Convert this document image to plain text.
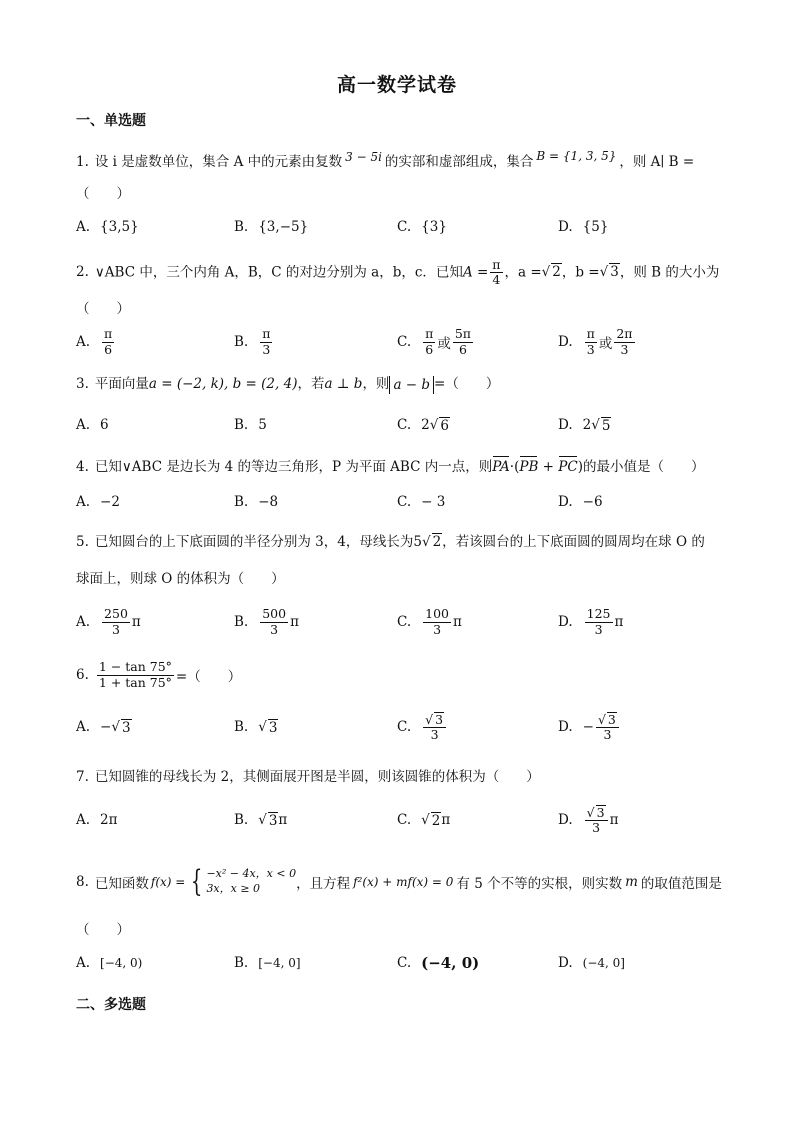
高一数学试卷
一、单选题
1. 设 i 是虚数单位，集合 A 中的元素由复数 3 − 5i 的实部和虚部组成，集合 B = {1, 3, 5} ，则 A∣ B =
（　　）
A. {3,5}	B. {3,−5}	C. {3}	D. {5}
2. ∨ABC 中，三个内角 A，B，C 的对边分别为 a，b，c．已知$A = \frac{\pi}{4}$ ，a = √ 2，b = √ 3，则 B 的大小为
（　　）
A. $\frac{\pi}{6}$	B. $\frac{\pi}{3}$	C. $\frac{\pi}{6}$ 或 $\frac{5\pi}{6}$	D. $\frac{\pi}{3}$ 或 $\frac{2\pi}{3}$
3. 平面向量a = (−2, k), b = (2, 4)，若a ⊥ b，则 a − b =（　　）
A. 6	B. 5	C. 2 √ 6	D. 2 √ 5
4. 已知∨ABC 是边长为 4 的等边三角形，P 为平面 ABC 内一点，则PA·(PB + PC)的最小值是（　　）
A. −2	B. −8	C. − 3	D. −6
5. 已知圆台的上下底面圆的半径分别为 3，4，母线长为5 √ 2，若该圆台的上下底面圆的圆周均在球 O 的
球面上，则球 O 的体积为（　　）
A. $\frac{250}{3}$ π	B. $\frac{500}{3}$ π	C. $\frac{100}{3}$ π	D. $\frac{125}{3}$ π
6. $\frac{1 - \tan 75^\circ}{1 + \tan 75^\circ}$ =（　　）
A. − √ 3	B. √ 3	C. √ $\frac{3}{3}$	D. − √ $\frac{3}{3}$
7. 已知圆锥的母线长为 2，其侧面展开图是半圆，则该圆锥的体积为（　　）
A. 2π	B. √ 3 π	C. √ 2 π	D. √ $\frac{3}{3}$ π
8. 已知函数 f(x) = { −x² − 4x，x < 0
3x，x ≥ 0	，且方程 f²(x) + mf(x) = 0 有 5 个不等的实根，则实数 m 的取值范围是
（　　）
A. [−4, 0)	B. [−4, 0]	C. (−4, 0)	D. (−4, 0]
二、多选题
